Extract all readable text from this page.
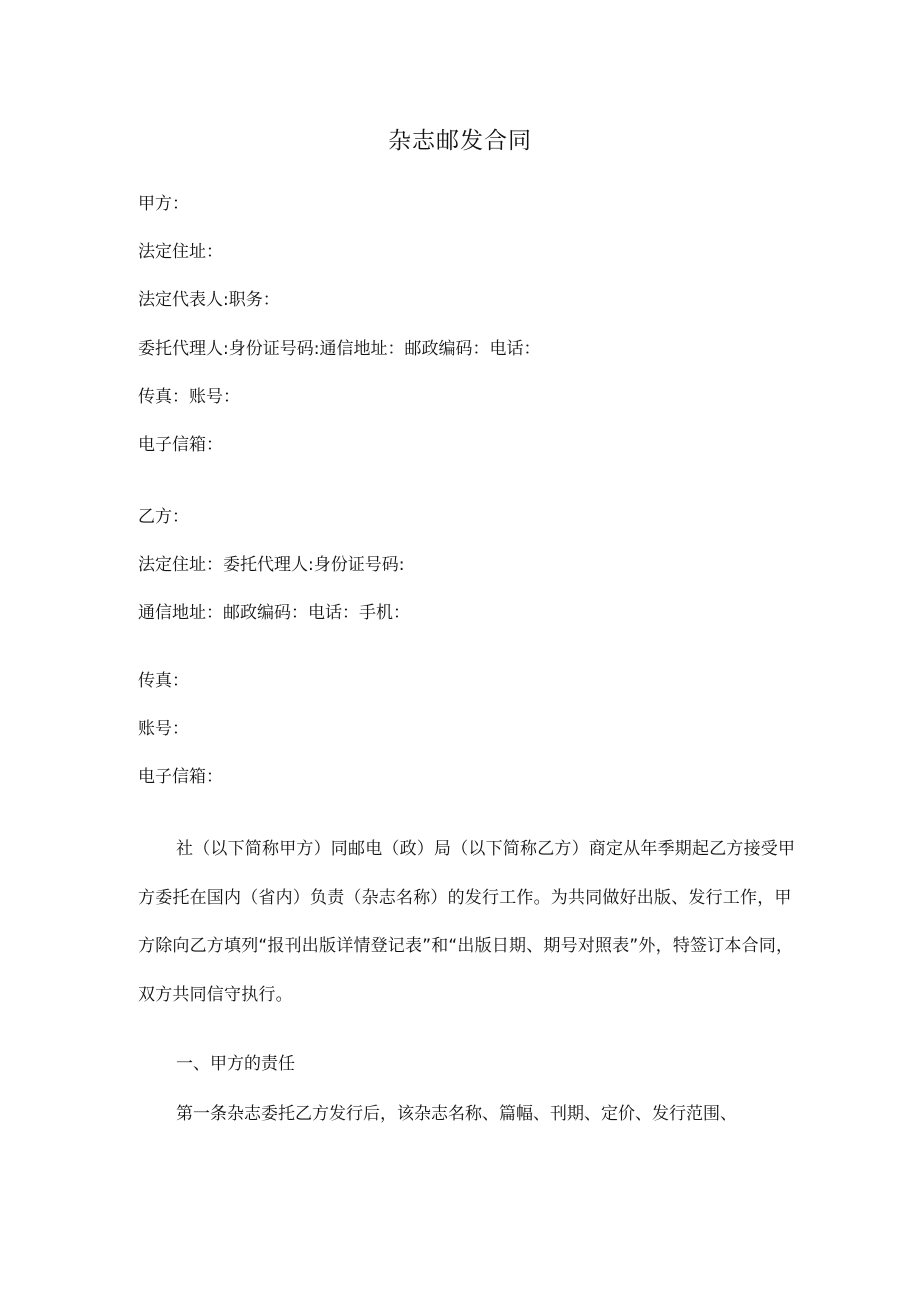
杂志邮发合同
甲方：
法定住址：
法定代表人:职务：
委托代理人:身份证号码:通信地址：邮政编码：电话：
传真：账号：
电子信箱：
乙方：
法定住址：委托代理人:身份证号码:
通信地址：邮政编码：电话：手机：
传真：
账号：
电子信箱：
社（以下简称甲方）同邮电（政）局（以下简称乙方）商定从年季期起乙方接受甲方委托在国内（省内）负责（杂志名称）的发行工作。为共同做好出版、发行工作，甲方除向乙方填列“报刊出版详情登记表”和“出版日期、期号对照表”外，特签订本合同，双方共同信守执行。
一、甲方的责任
第一条杂志委托乙方发行后，该杂志名称、篇幅、刊期、定价、发行范围、
